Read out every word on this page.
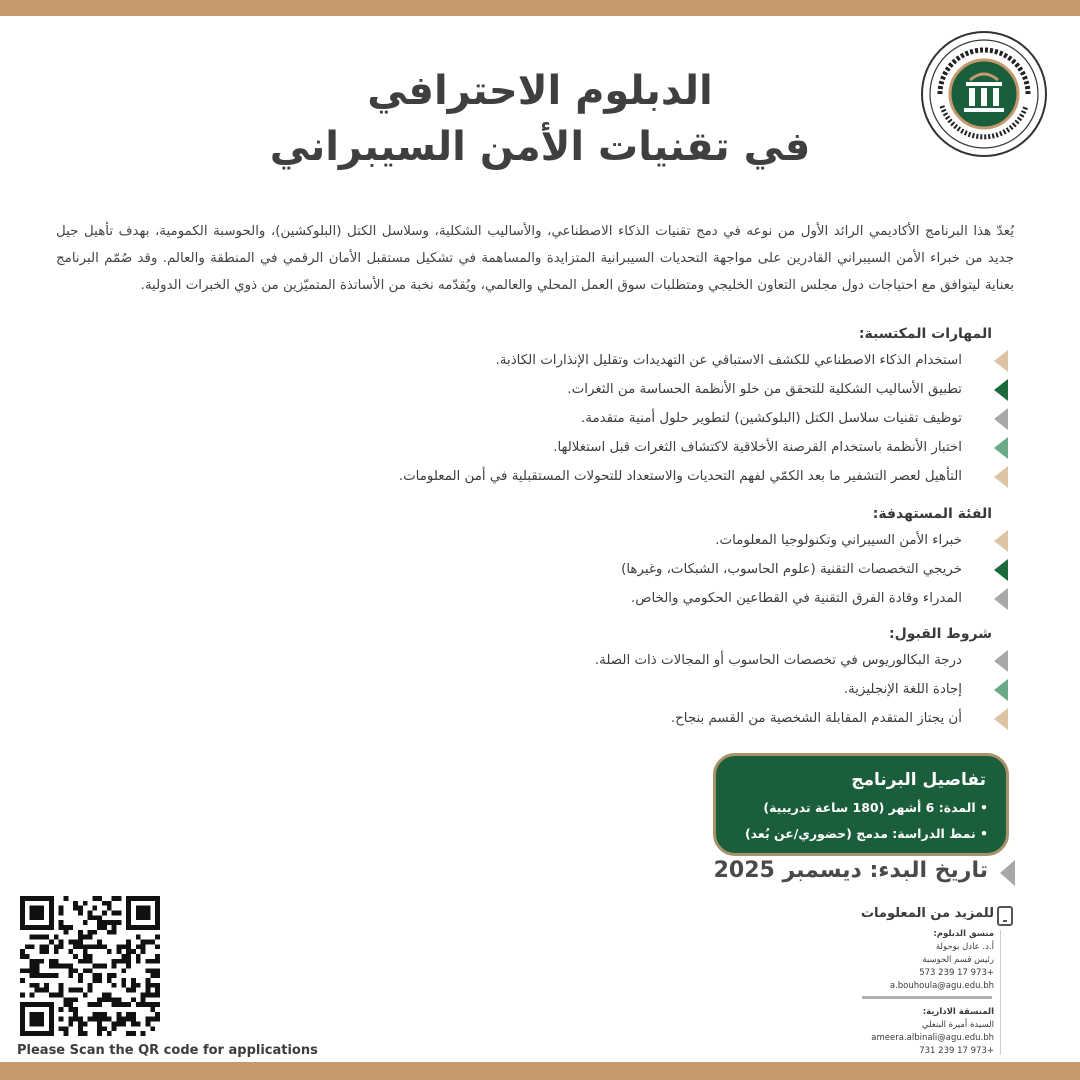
الدبلوم الاحترافي
في تقنيات الأمن السيبراني
يُعدّ هذا البرنامج الأكاديمي الرائد الأول من نوعه في دمج تقنيات الذكاء الاصطناعي، والأساليب الشكلية، وسلاسل الكتل (البلوكشين)، والحوسبة الكمومية، بهدف تأهيل جيل جديد من خبراء الأمن السيبراني القادرين على مواجهة التحديات السيبرانية المتزايدة والمساهمة في تشكيل مستقبل الأمان الرقمي في المنطقة والعالم. وقد صُمّم البرنامج بعناية ليتوافق مع احتياجات دول مجلس التعاون الخليجي ومتطلبات سوق العمل المحلي والعالمي، ويُقدّمه نخبة من الأساتذة المتميّزين من ذوي الخبرات الدولية.
المهارات المكتسبة:
استخدام الذكاء الاصطناعي للكشف الاستباقي عن التهديدات وتقليل الإنذارات الكاذبة.
تطبيق الأساليب الشكلية للتحقق من خلو الأنظمة الحساسة من الثغرات.
توظيف تقنيات سلاسل الكتل (البلوكشين) لتطوير حلول أمنية متقدمة.
اختبار الأنظمة باستخدام القرصنة الأخلاقية لاكتشاف الثغرات قبل استغلالها.
التأهيل لعصر التشفير ما بعد الكمّي لفهم التحديات والاستعداد للتحولات المستقبلية في أمن المعلومات.
الفئة المستهدفة:
خبراء الأمن السيبراني وتكنولوجيا المعلومات.
خريجي التخصصات التقنية (علوم الحاسوب، الشبكات، وغيرها)
المدراء وقادة الفرق التقنية في القطاعين الحكومي والخاص.
شروط القبول:
درجة البكالوريوس في تخصصات الحاسوب أو المجالات ذات الصلة.
إجادة اللغة الإنجليزية.
أن يجتاز المتقدم المقابلة الشخصية من القسم بنجاح.
تفاصيل البرنامج
• المدة: 6 أشهر (180 ساعة تدريبية)
• نمط الدراسة: مدمج (حضوري/عن بُعد)
تاريخ البدء: ديسمبر 2025
للمزيد من المعلومات
منسق الدبلوم:
أ.د. عادل بوحولة
رئيس قسم الحوسبة
+973 17 239 573
a.bouhoula@agu.edu.bh
المنسقة الادارية:
السيدة أميرة البنعلي
ameera.albinali@agu.edu.bh
+973 17 239 731
Please Scan the QR code for applications
